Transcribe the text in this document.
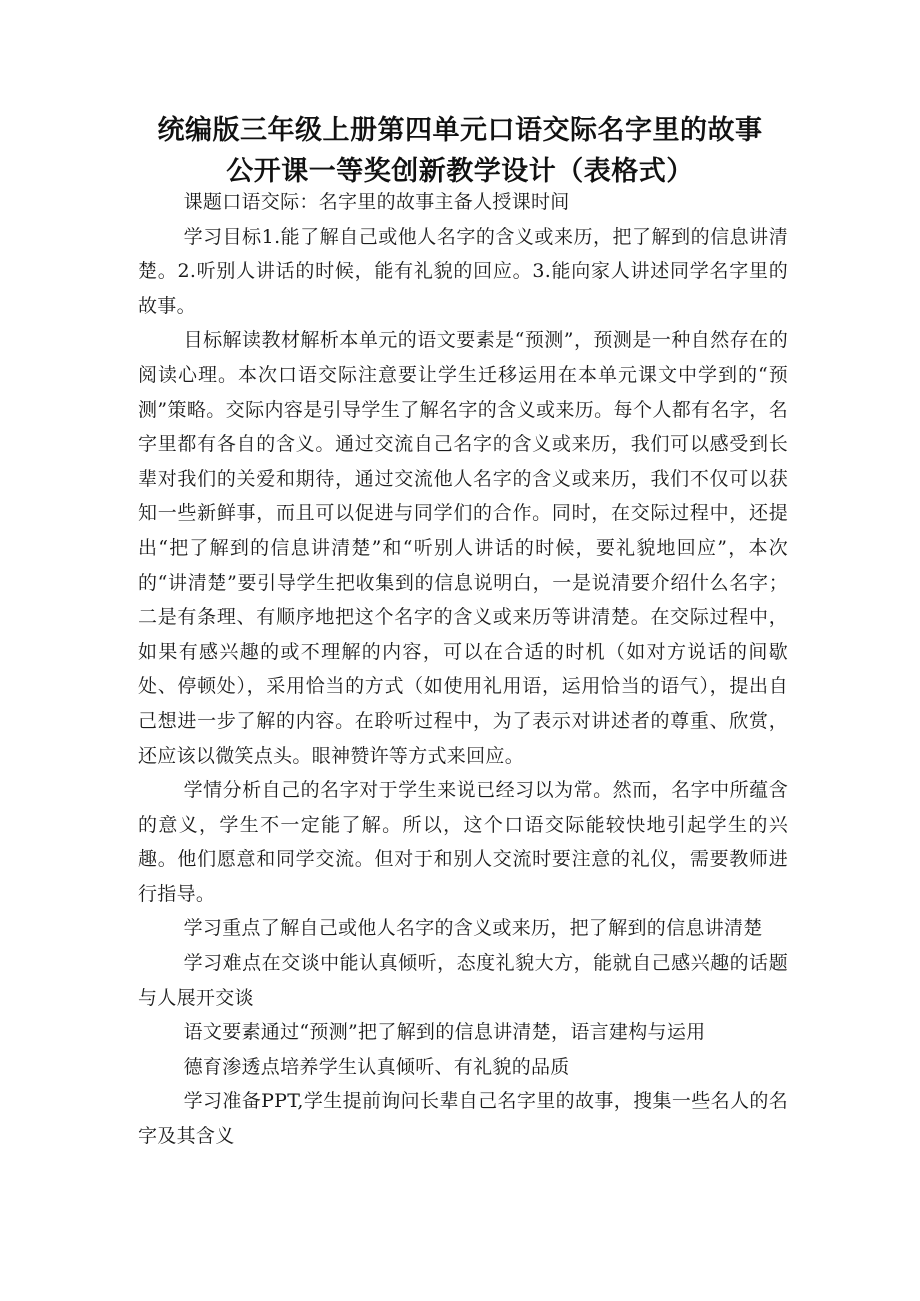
统编版三年级上册第四单元口语交际名字里的故事
公开课一等奖创新教学设计（表格式）

课题口语交际：名字里的故事主备人授课时间

学习目标1.能了解自己或他人名字的含义或来历，把了解到的信息讲清楚。2.听别人讲话的时候，能有礼貌的回应。3.能向家人讲述同学名字里的故事。

目标解读教材解析本单元的语文要素是“预测”，预测是一种自然存在的阅读心理。本次口语交际注意要让学生迁移运用在本单元课文中学到的“预测”策略。交际内容是引导学生了解名字的含义或来历。每个人都有名字，名字里都有各自的含义。通过交流自己名字的含义或来历，我们可以感受到长辈对我们的关爱和期待，通过交流他人名字的含义或来历，我们不仅可以获知一些新鲜事，而且可以促进与同学们的合作。同时，在交际过程中，还提出“把了解到的信息讲清楚”和“听别人讲话的时候，要礼貌地回应”，本次的“讲清楚”要引导学生把收集到的信息说明白，一是说清要介绍什么名字；二是有条理、有顺序地把这个名字的含义或来历等讲清楚。在交际过程中，如果有感兴趣的或不理解的内容，可以在合适的时机（如对方说话的间歇处、停顿处），采用恰当的方式（如使用礼用语，运用恰当的语气），提出自己想进一步了解的内容。在聆听过程中，为了表示对讲述者的尊重、欣赏，还应该以微笑点头。眼神赞许等方式来回应。

学情分析自己的名字对于学生来说已经习以为常。然而，名字中所蕴含的意义，学生不一定能了解。所以，这个口语交际能较快地引起学生的兴趣。他们愿意和同学交流。但对于和别人交流时要注意的礼仪，需要教师进行指导。

学习重点了解自己或他人名字的含义或来历，把了解到的信息讲清楚

学习难点在交谈中能认真倾听，态度礼貌大方，能就自己感兴趣的话题与人展开交谈

语文要素通过“预测”把了解到的信息讲清楚，语言建构与运用

德育渗透点培养学生认真倾听、有礼貌的品质

学习准备PPT,学生提前询问长辈自己名字里的故事，搜集一些名人的名字及其含义
